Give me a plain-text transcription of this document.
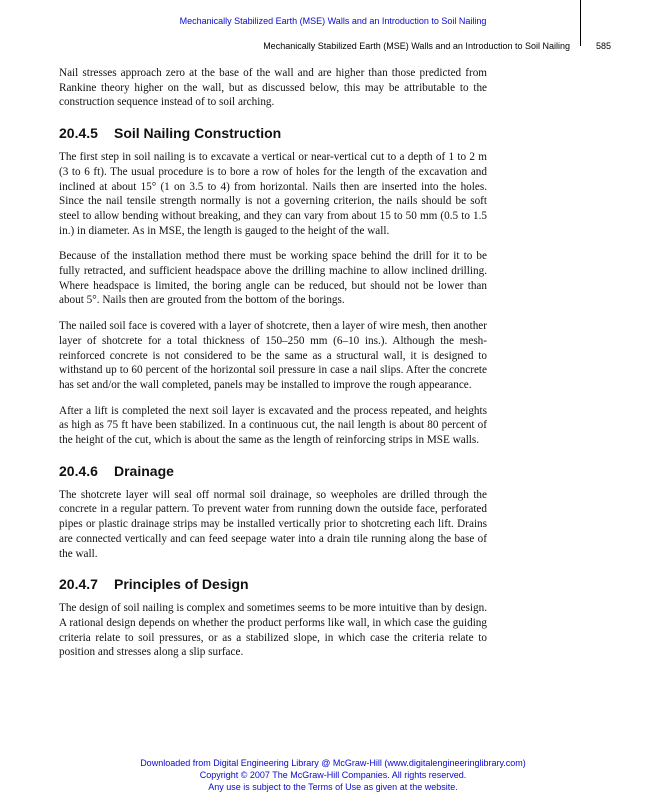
Mechanically Stabilized Earth (MSE) Walls and an Introduction to Soil Nailing
Mechanically Stabilized Earth (MSE) Walls and an Introduction to Soil Nailing	585

Nail stresses approach zero at the base of the wall and are higher than those predicted from Rankine theory higher on the wall, but as discussed below, this may be attributable to the construction sequence instead of to soil arching.

20.4.5 Soil Nailing Construction

The first step in soil nailing is to excavate a vertical or near-vertical cut to a depth of 1 to 2 m (3 to 6 ft). The usual procedure is to bore a row of holes for the length of the excavation and inclined at about 15° (1 on 3.5 to 4) from horizontal. Nails then are inserted into the holes. Since the nail tensile strength normally is not a governing criterion, the nails should be soft steel to allow bending without breaking, and they can vary from about 15 to 50 mm (0.5 to 1.5 in.) in diameter. As in MSE, the length is gauged to the height of the wall.

Because of the installation method there must be working space behind the drill for it to be fully retracted, and sufficient headspace above the drilling machine to allow inclined drilling. Where headspace is limited, the boring angle can be reduced, but should not be lower than about 5°. Nails then are grouted from the bottom of the borings.

The nailed soil face is covered with a layer of shotcrete, then a layer of wire mesh, then another layer of shotcrete for a total thickness of 150–250 mm (6–10 ins.). Although the mesh-reinforced concrete is not considered to be the same as a structural wall, it is designed to withstand up to 60 percent of the horizontal soil pressure in case a nail slips. After the concrete has set and/or the wall completed, panels may be installed to improve the rough appearance.

After a lift is completed the next soil layer is excavated and the process repeated, and heights as high as 75 ft have been stabilized. In a continuous cut, the nail length is about 80 percent of the height of the cut, which is about the same as the length of reinforcing strips in MSE walls.

20.4.6 Drainage

The shotcrete layer will seal off normal soil drainage, so weepholes are drilled through the concrete in a regular pattern. To prevent water from running down the outside face, perforated pipes or plastic drainage strips may be installed vertically prior to shotcreting each lift. Drains are connected vertically and can feed seepage water into a drain tile running along the base of the wall.

20.4.7 Principles of Design

The design of soil nailing is complex and sometimes seems to be more intuitive than by design. A rational design depends on whether the product performs like wall, in which case the guiding criteria relate to soil pressures, or as a stabilized slope, in which case the criteria relate to position and stresses along a slip surface.

Downloaded from Digital Engineering Library @ McGraw-Hill (www.digitalengineeringlibrary.com)
Copyright © 2007 The McGraw-Hill Companies. All rights reserved.
Any use is subject to the Terms of Use as given at the website.
